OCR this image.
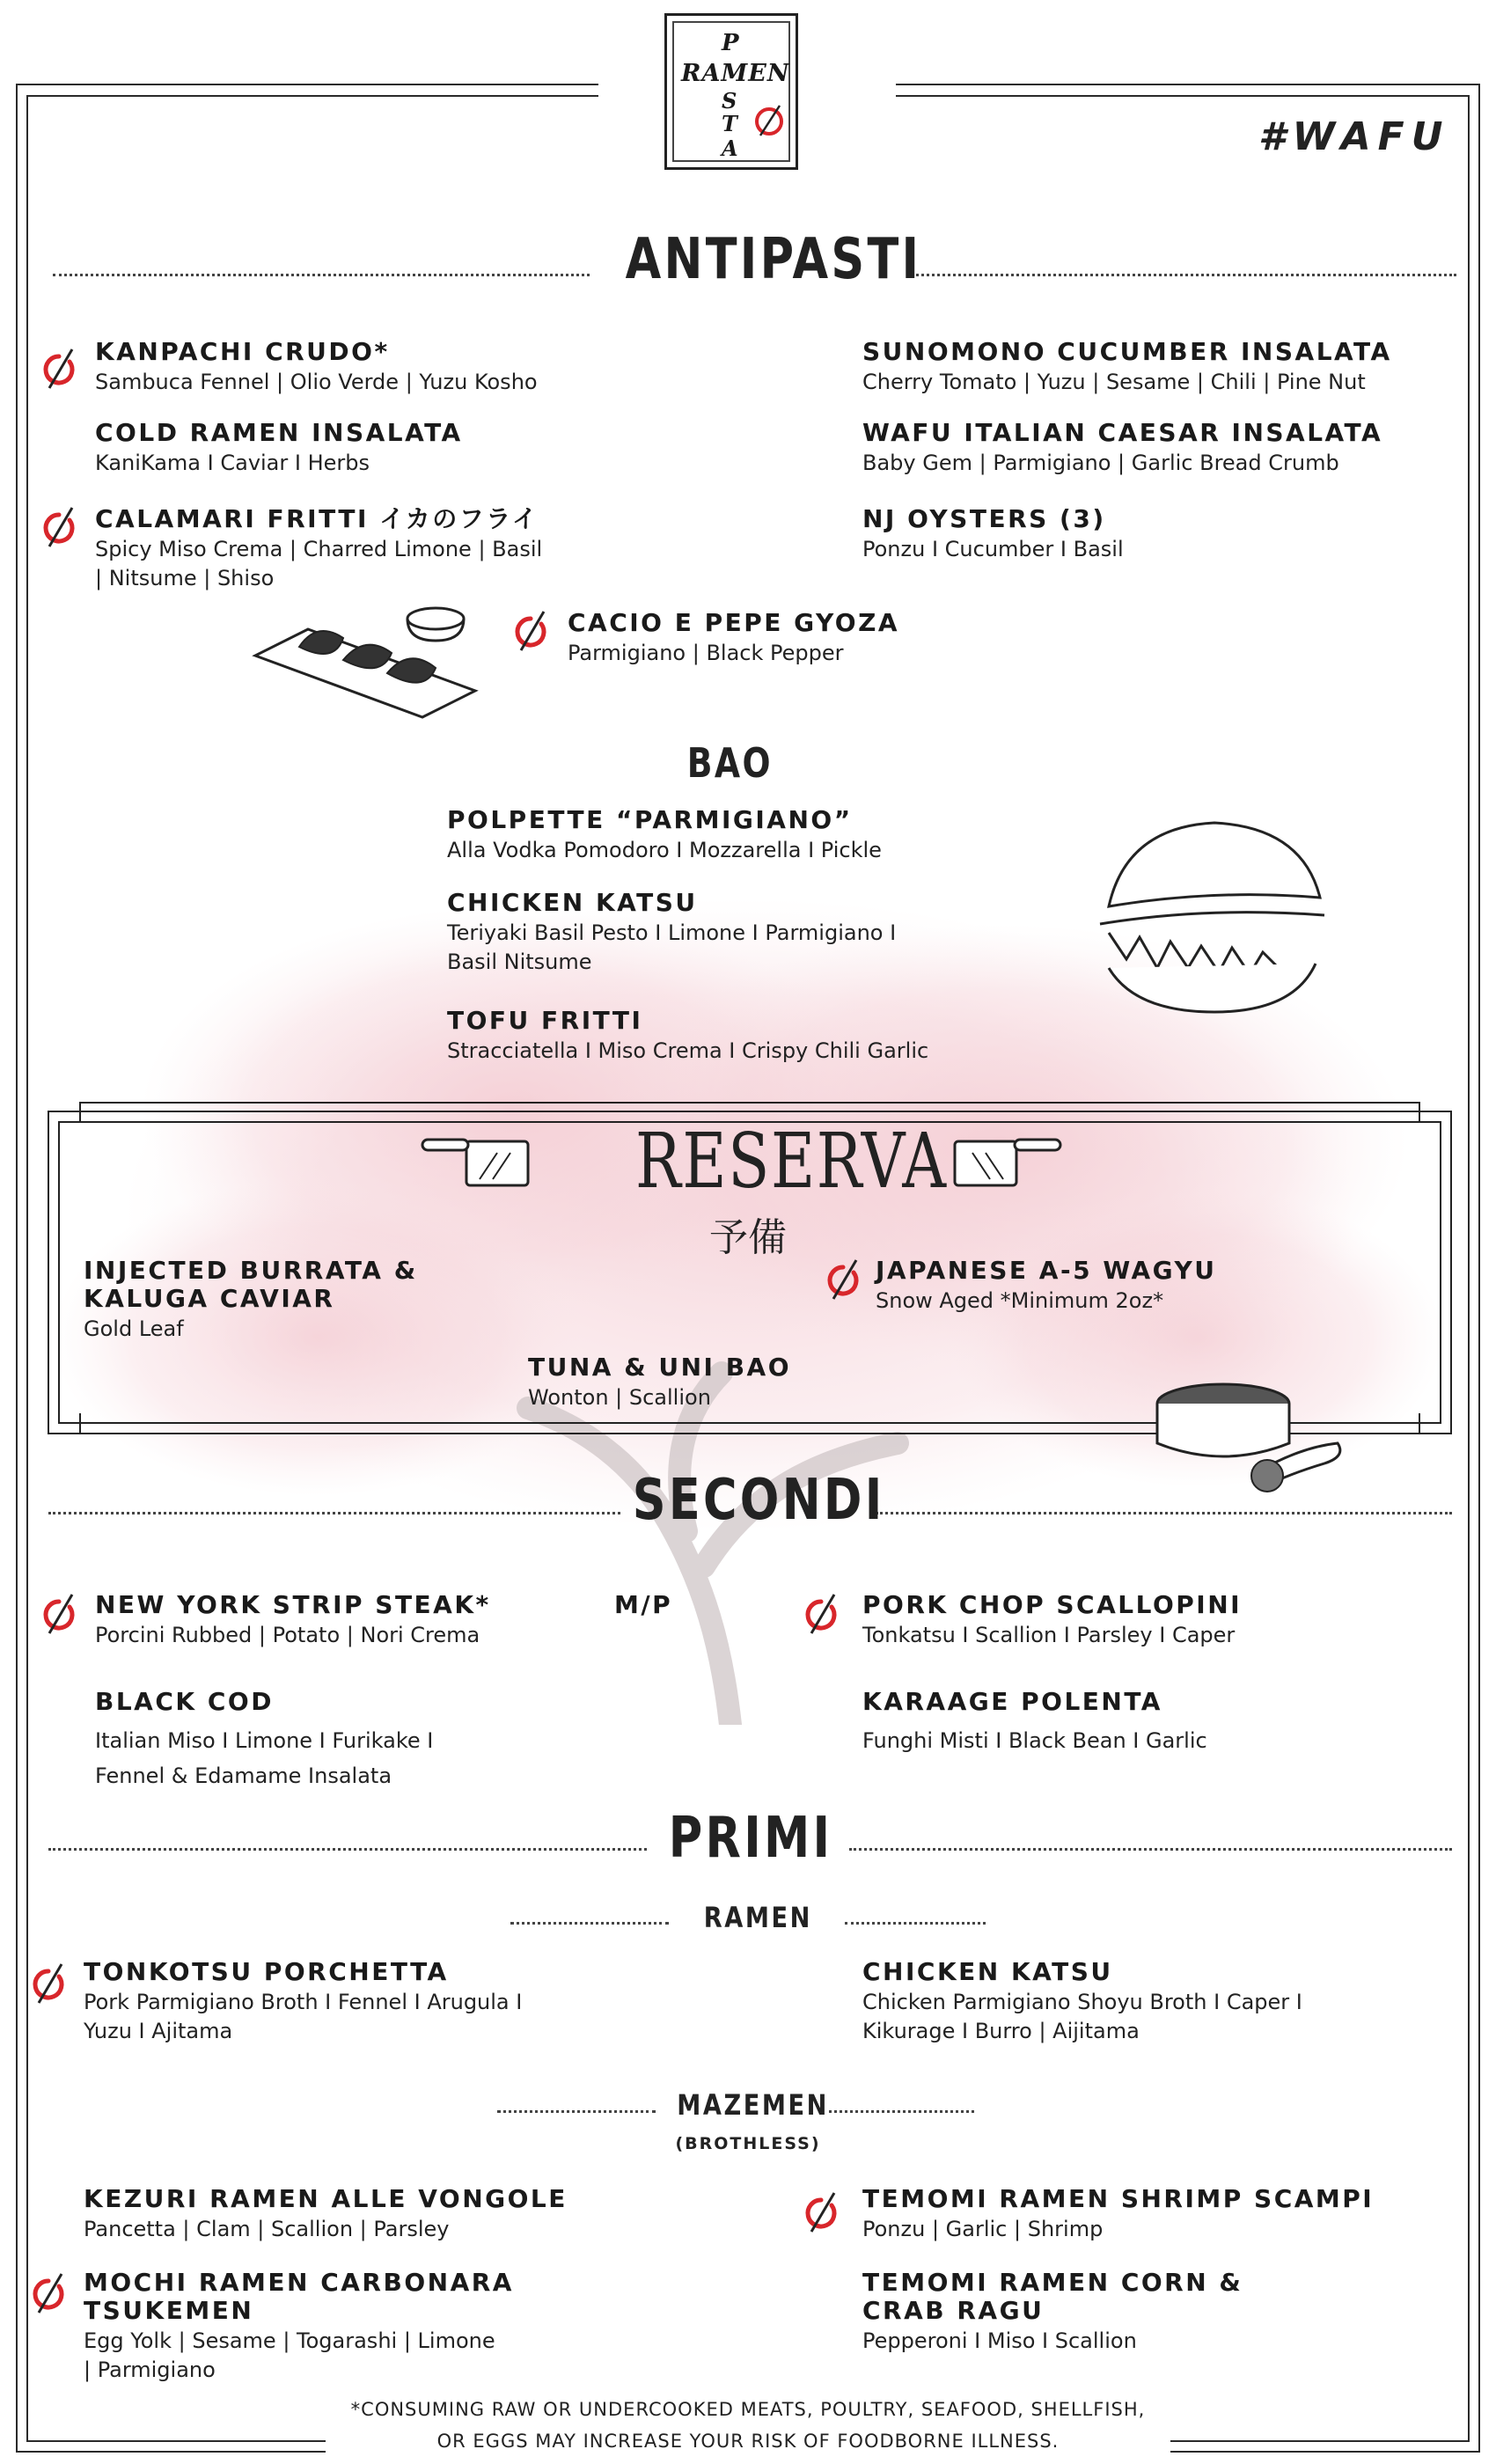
P
RAMEN
S
T
A	#WAFU
ANTIPASTI
KANPACHI CRUDO*
Sambuca Fennel | Olio Verde | Yuzu Kosho
COLD RAMEN INSALATA
KaniKama I Caviar I Herbs
CALAMARI FRITTI イカのフライ
Spicy Miso Crema | Charred Limone | Basil
| Nitsume | Shiso
SUNOMONO CUCUMBER INSALATA
Cherry Tomato | Yuzu | Sesame | Chili | Pine Nut
WAFU ITALIAN CAESAR INSALATA
Baby Gem | Parmigiano | Garlic Bread Crumb
NJ OYSTERS (3)
Ponzu I Cucumber I Basil
CACIO E PEPE GYOZA
Parmigiano | Black Pepper
BAO
POLPETTE “PARMIGIANO”
Alla Vodka Pomodoro I Mozzarella I Pickle
CHICKEN KATSU
Teriyaki Basil Pesto I Limone I Parmigiano I
Basil Nitsume
TOFU FRITTI
Stracciatella I Miso Crema I Crispy Chili Garlic
RESERVA
予備
INJECTED BURRATA &
KALUGA CAVIAR
Gold Leaf
JAPANESE A-5 WAGYU
Snow Aged *Minimum 2oz*
TUNA & UNI BAO
Wonton | Scallion
SECONDI
NEW YORK STRIP STEAK*
Porcini Rubbed | Potato | Nori Crema
M/P	PORK CHOP SCALLOPINI
Tonkatsu I Scallion I Parsley I Caper
BLACK COD
Italian Miso I Limone I Furikake I
Fennel & Edamame Insalata
KARAAGE POLENTA
Funghi Misti I Black Bean I Garlic
PRIMI
RAMEN
TONKOTSU PORCHETTA
Pork Parmigiano Broth I Fennel I Arugula I
Yuzu I Ajitama
CHICKEN KATSU
Chicken Parmigiano Shoyu Broth I Caper I
Kikurage I Burro | Aijitama
MAZEMEN
(BROTHLESS)
KEZURI RAMEN ALLE VONGOLE
Pancetta | Clam | Scallion | Parsley
MOCHI RAMEN CARBONARA
TSUKEMEN
Egg Yolk | Sesame | Togarashi | Limone
| Parmigiano
TEMOMI RAMEN SHRIMP SCAMPI
Ponzu | Garlic | Shrimp
TEMOMI RAMEN CORN &
CRAB RAGU
Pepperoni I Miso I Scallion
*CONSUMING RAW OR UNDERCOOKED MEATS, POULTRY, SEAFOOD, SHELLFISH,
OR EGGS MAY INCREASE YOUR RISK OF FOODBORNE ILLNESS.
